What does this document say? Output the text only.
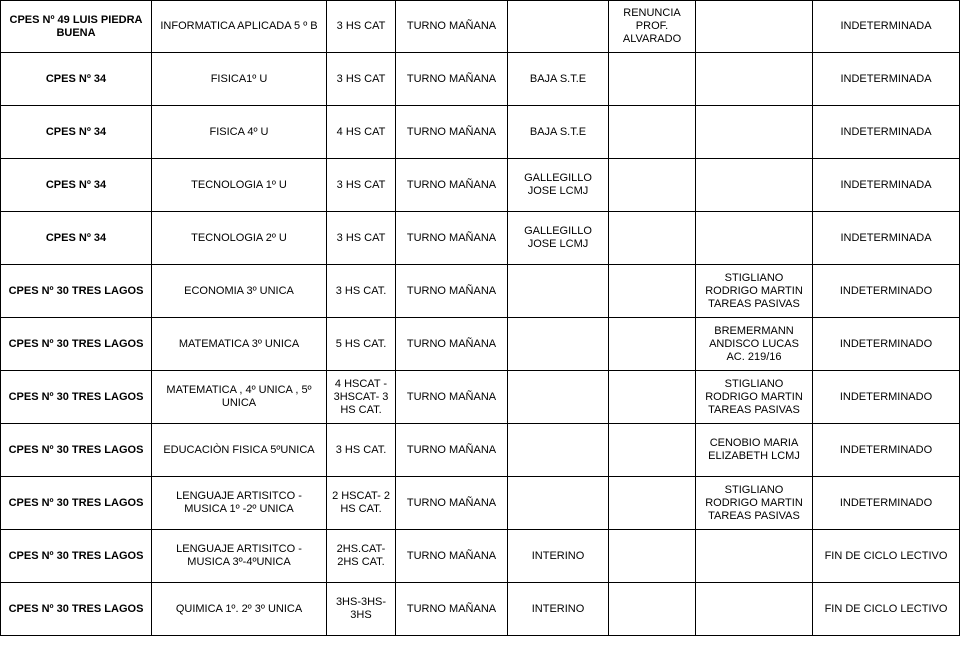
CPES Nº 49 LUIS PIEDRA BUENA	INFORMATICA APLICADA 5 º B	3 HS CAT	TURNO MAÑANA		RENUNCIA PROF. ALVARADO		INDETERMINADA
CPES Nº 34	FISICA1º U	3 HS CAT	TURNO MAÑANA	BAJA S.T.E			INDETERMINADA
CPES Nº 34	FISICA 4º U	4 HS CAT	TURNO MAÑANA	BAJA S.T.E			INDETERMINADA
CPES Nº 34	TECNOLOGIA 1º U	3 HS CAT	TURNO MAÑANA	GALLEGILLO JOSE LCMJ			INDETERMINADA
CPES Nº 34	TECNOLOGIA 2º U	3 HS CAT	TURNO MAÑANA	GALLEGILLO JOSE LCMJ			INDETERMINADA
CPES Nº 30 TRES LAGOS	ECONOMIA 3º UNICA	3 HS CAT.	TURNO MAÑANA			STIGLIANO RODRIGO MARTIN TAREAS PASIVAS	INDETERMINADO
CPES Nº 30 TRES LAGOS	MATEMATICA 3º UNICA	5 HS CAT.	TURNO MAÑANA			BREMERMANN ANDISCO LUCAS AC. 219/16	INDETERMINADO
CPES Nº 30 TRES LAGOS	MATEMATICA , 4º UNICA , 5º UNICA	4 HSCAT - 3HSCAT- 3 HS CAT.	TURNO MAÑANA			STIGLIANO RODRIGO MARTIN TAREAS PASIVAS	INDETERMINADO
CPES Nº 30 TRES LAGOS	EDUCACIÒN FISICA 5ºUNICA	3 HS CAT.	TURNO MAÑANA			CENOBIO MARIA ELIZABETH LCMJ	INDETERMINADO
CPES Nº 30 TRES LAGOS	LENGUAJE ARTISITCO - MUSICA 1º -2º UNICA	2 HSCAT- 2 HS CAT.	TURNO MAÑANA			STIGLIANO RODRIGO MARTIN TAREAS PASIVAS	INDETERMINADO
CPES Nº 30 TRES LAGOS	LENGUAJE ARTISITCO - MUSICA 3º-4ºUNICA	2HS.CAT- 2HS CAT.	TURNO MAÑANA	INTERINO			FIN DE CICLO LECTIVO
CPES Nº 30 TRES LAGOS	QUIMICA 1º. 2º 3º UNICA	3HS-3HS-3HS	TURNO MAÑANA	INTERINO			FIN DE CICLO LECTIVO
